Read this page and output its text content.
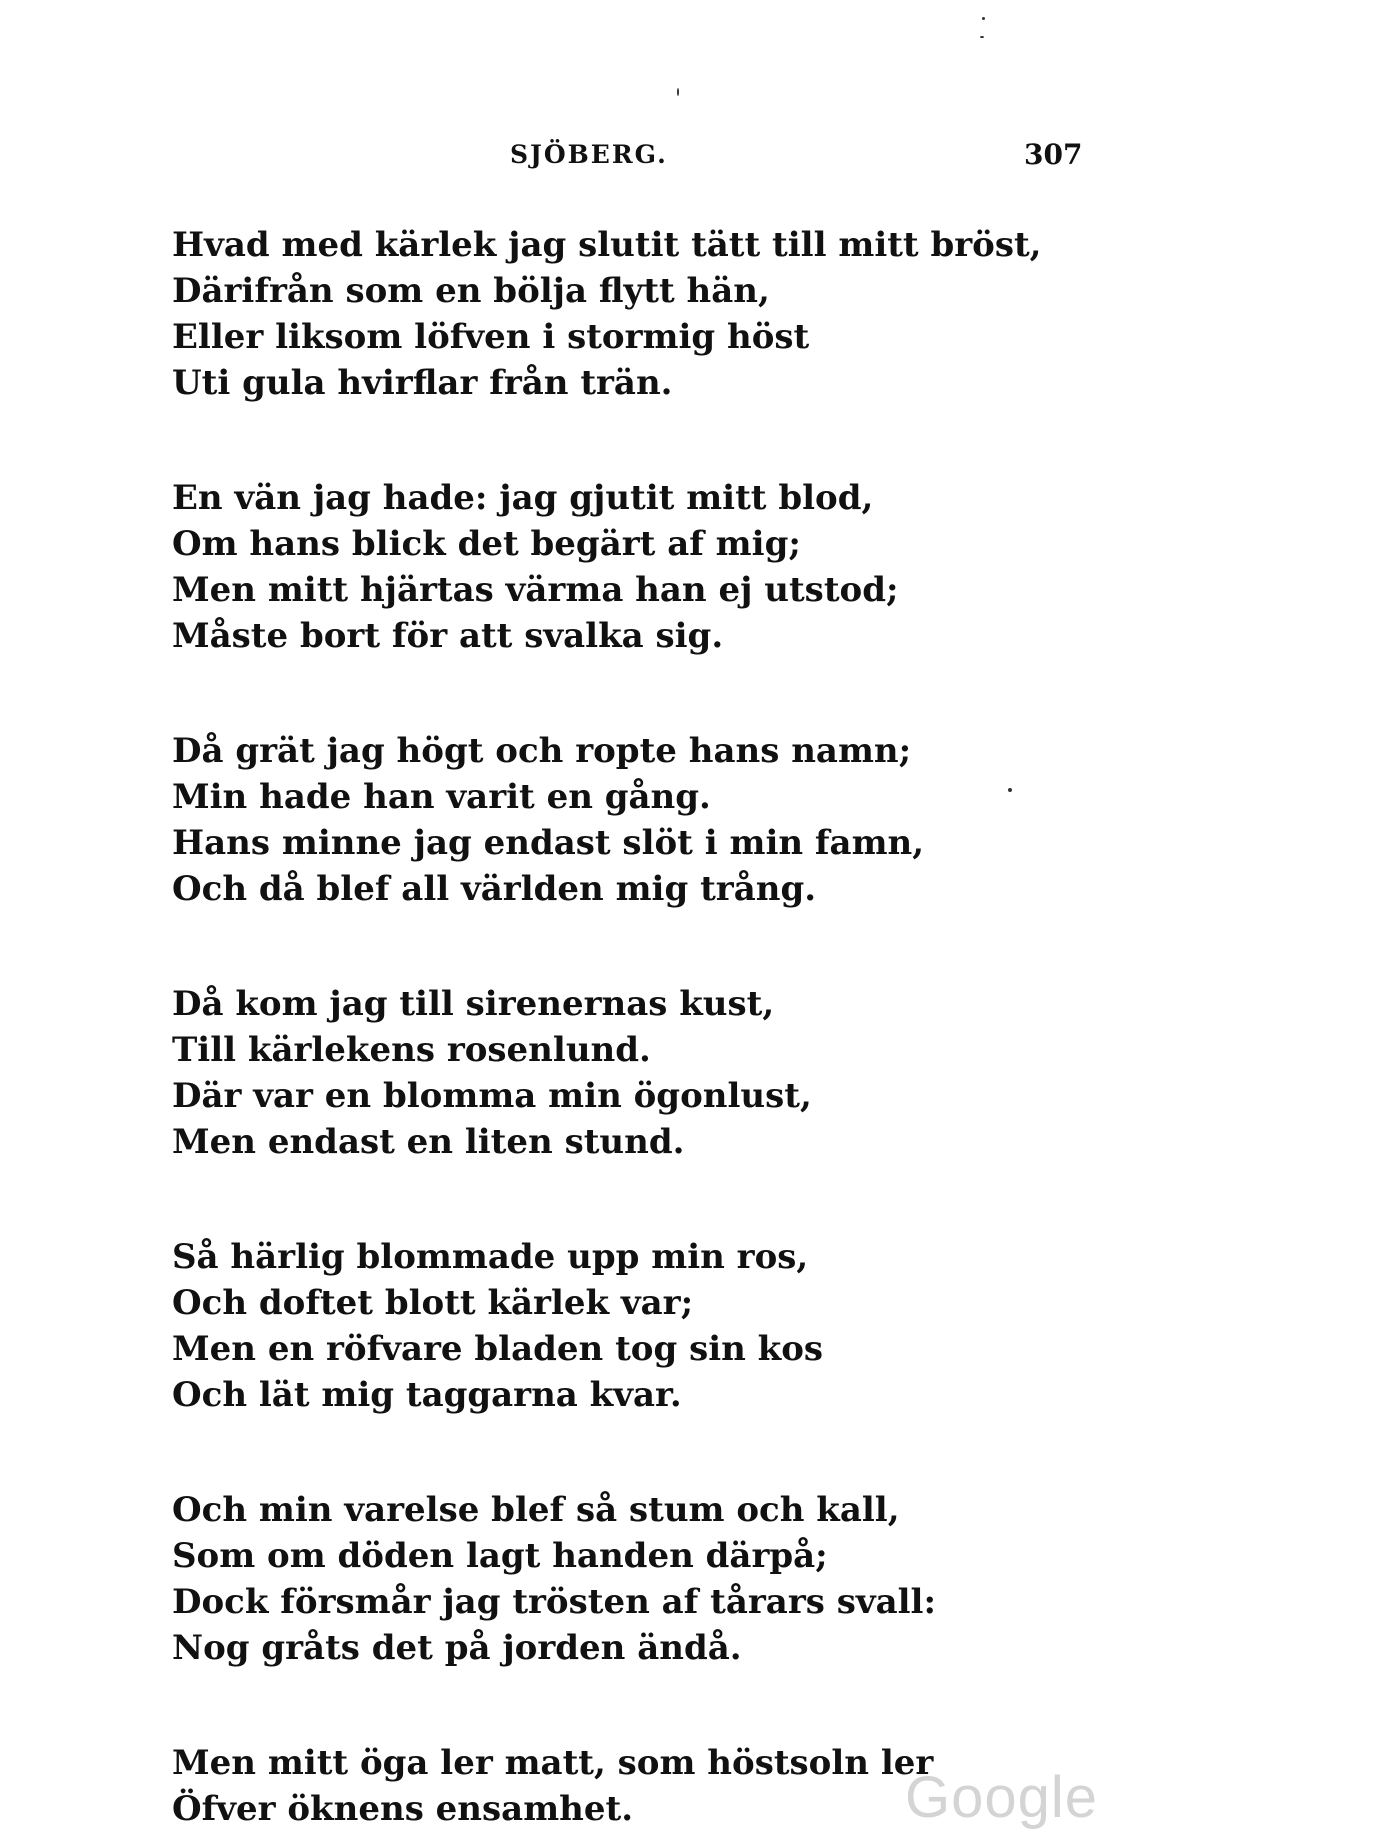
SJÖBERG.	307
Hvad med kärlek jag slutit tätt till mitt bröst,
Därifrån som en bölja flytt hän,
Eller liksom löfven i stormig höst
Uti gula hvirflar från trän.
En vän jag hade: jag gjutit mitt blod,
Om hans blick det begärt af mig;
Men mitt hjärtas värma han ej utstod;
Måste bort för att svalka sig.
Då grät jag högt och ropte hans namn;
Min hade han varit en gång.
Hans minne jag endast slöt i min famn,
Och då blef all världen mig trång.
Då kom jag till sirenernas kust,
Till kärlekens rosenlund.
Där var en blomma min ögonlust,
Men endast en liten stund.
Så härlig blommade upp min ros,
Och doftet blott kärlek var;
Men en röfvare bladen tog sin kos
Och lät mig taggarna kvar.
Och min varelse blef så stum och kall,
Som om döden lagt handen därpå;
Dock försmår jag trösten af tårars svall:
Nog gråts det på jorden ändå.
Men mitt öga ler matt, som höstsoln ler
Öfver öknens ensamhet.	Google
